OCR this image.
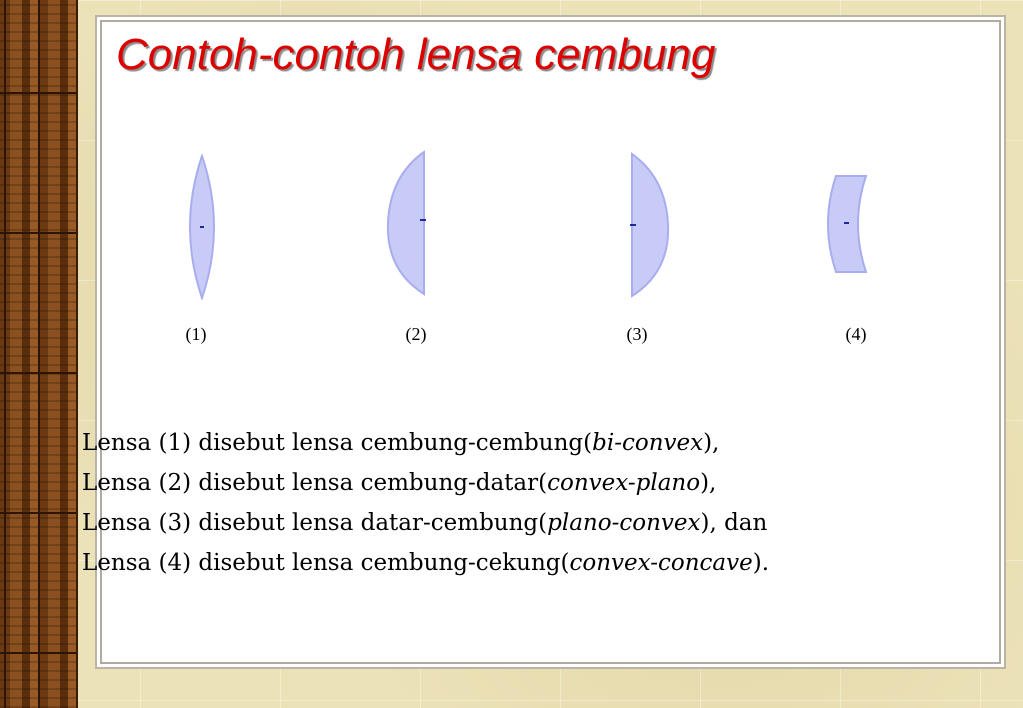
Contoh-contoh lensa cembung
(1)	(2)	(3)	(4)
Lensa (1) disebut lensa cembung-cembung(bi-convex),
Lensa (2) disebut lensa cembung-datar(convex-plano),
Lensa (3) disebut lensa datar-cembung(plano-convex), dan
Lensa (4) disebut lensa cembung-cekung(convex-concave).
